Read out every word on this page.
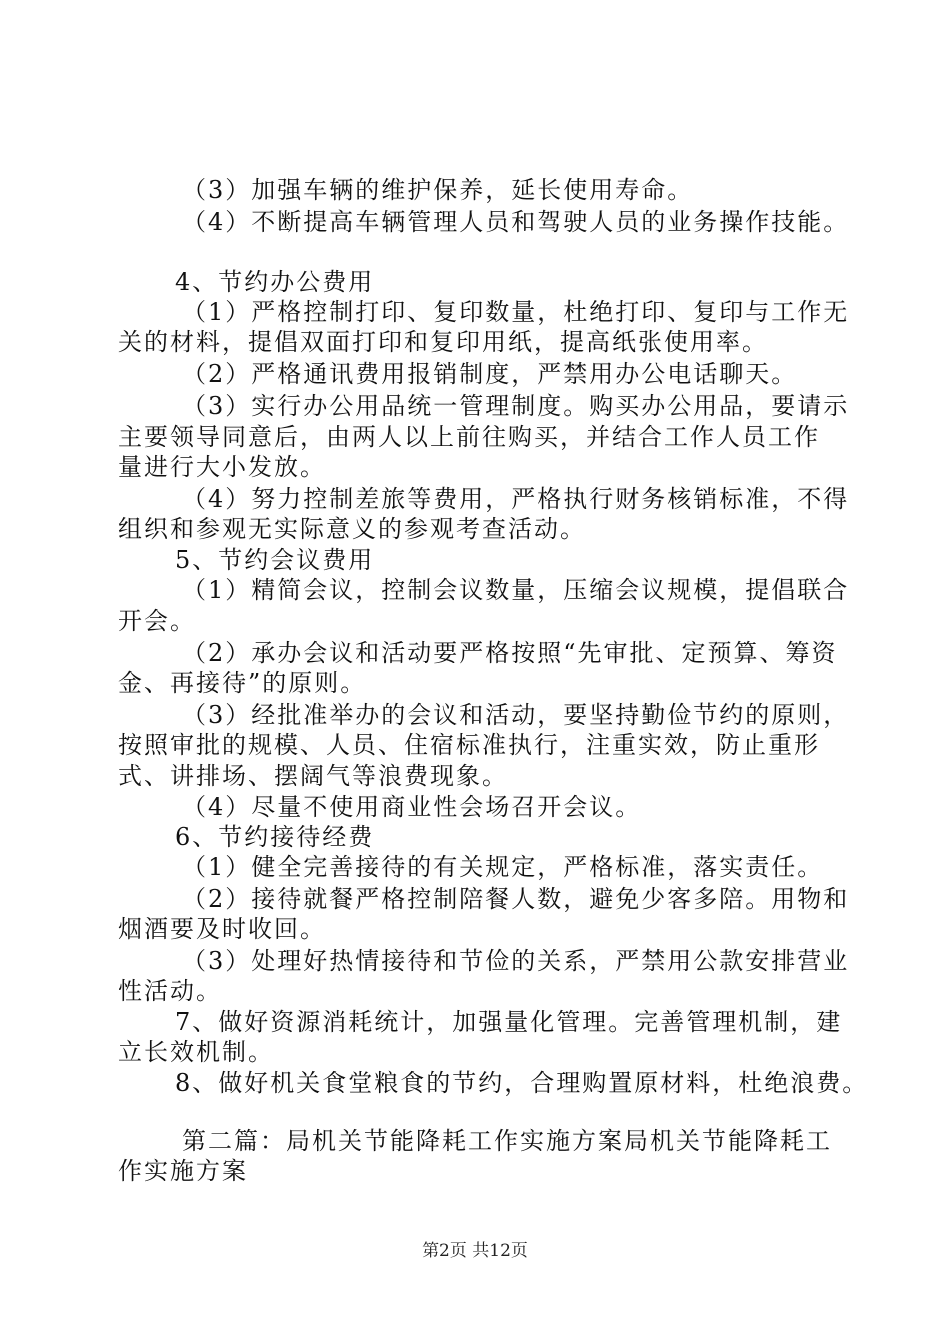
（3）加强车辆的维护保养，延长使用寿命。
（4）不断提高车辆管理人员和驾驶人员的业务操作技能。
4、节约办公费用
（1）严格控制打印、复印数量，杜绝打印、复印与工作无
关的材料，提倡双面打印和复印用纸，提高纸张使用率。
（2）严格通讯费用报销制度，严禁用办公电话聊天。
（3）实行办公用品统一管理制度。购买办公用品，要请示
主要领导同意后，由两人以上前往购买，并结合工作人员工作
量进行大小发放。
（4）努力控制差旅等费用，严格执行财务核销标准，不得
组织和参观无实际意义的参观考查活动。
5、节约会议费用
（1）精简会议，控制会议数量，压缩会议规模，提倡联合
开会。
（2）承办会议和活动要严格按照“先审批、定预算、筹资
金、再接待”的原则。
（3）经批准举办的会议和活动，要坚持勤俭节约的原则，
按照审批的规模、人员、住宿标准执行，注重实效，防止重形
式、讲排场、摆阔气等浪费现象。
（4）尽量不使用商业性会场召开会议。
6、节约接待经费
（1）健全完善接待的有关规定，严格标准，落实责任。
（2）接待就餐严格控制陪餐人数，避免少客多陪。用物和
烟酒要及时收回。
（3）处理好热情接待和节俭的关系，严禁用公款安排营业
性活动。
7、做好资源消耗统计，加强量化管理。完善管理机制，建
立长效机制。
8、做好机关食堂粮食的节约，合理购置原材料，杜绝浪费。
第二篇：局机关节能降耗工作实施方案局机关节能降耗工
作实施方案
第2页 共12页
